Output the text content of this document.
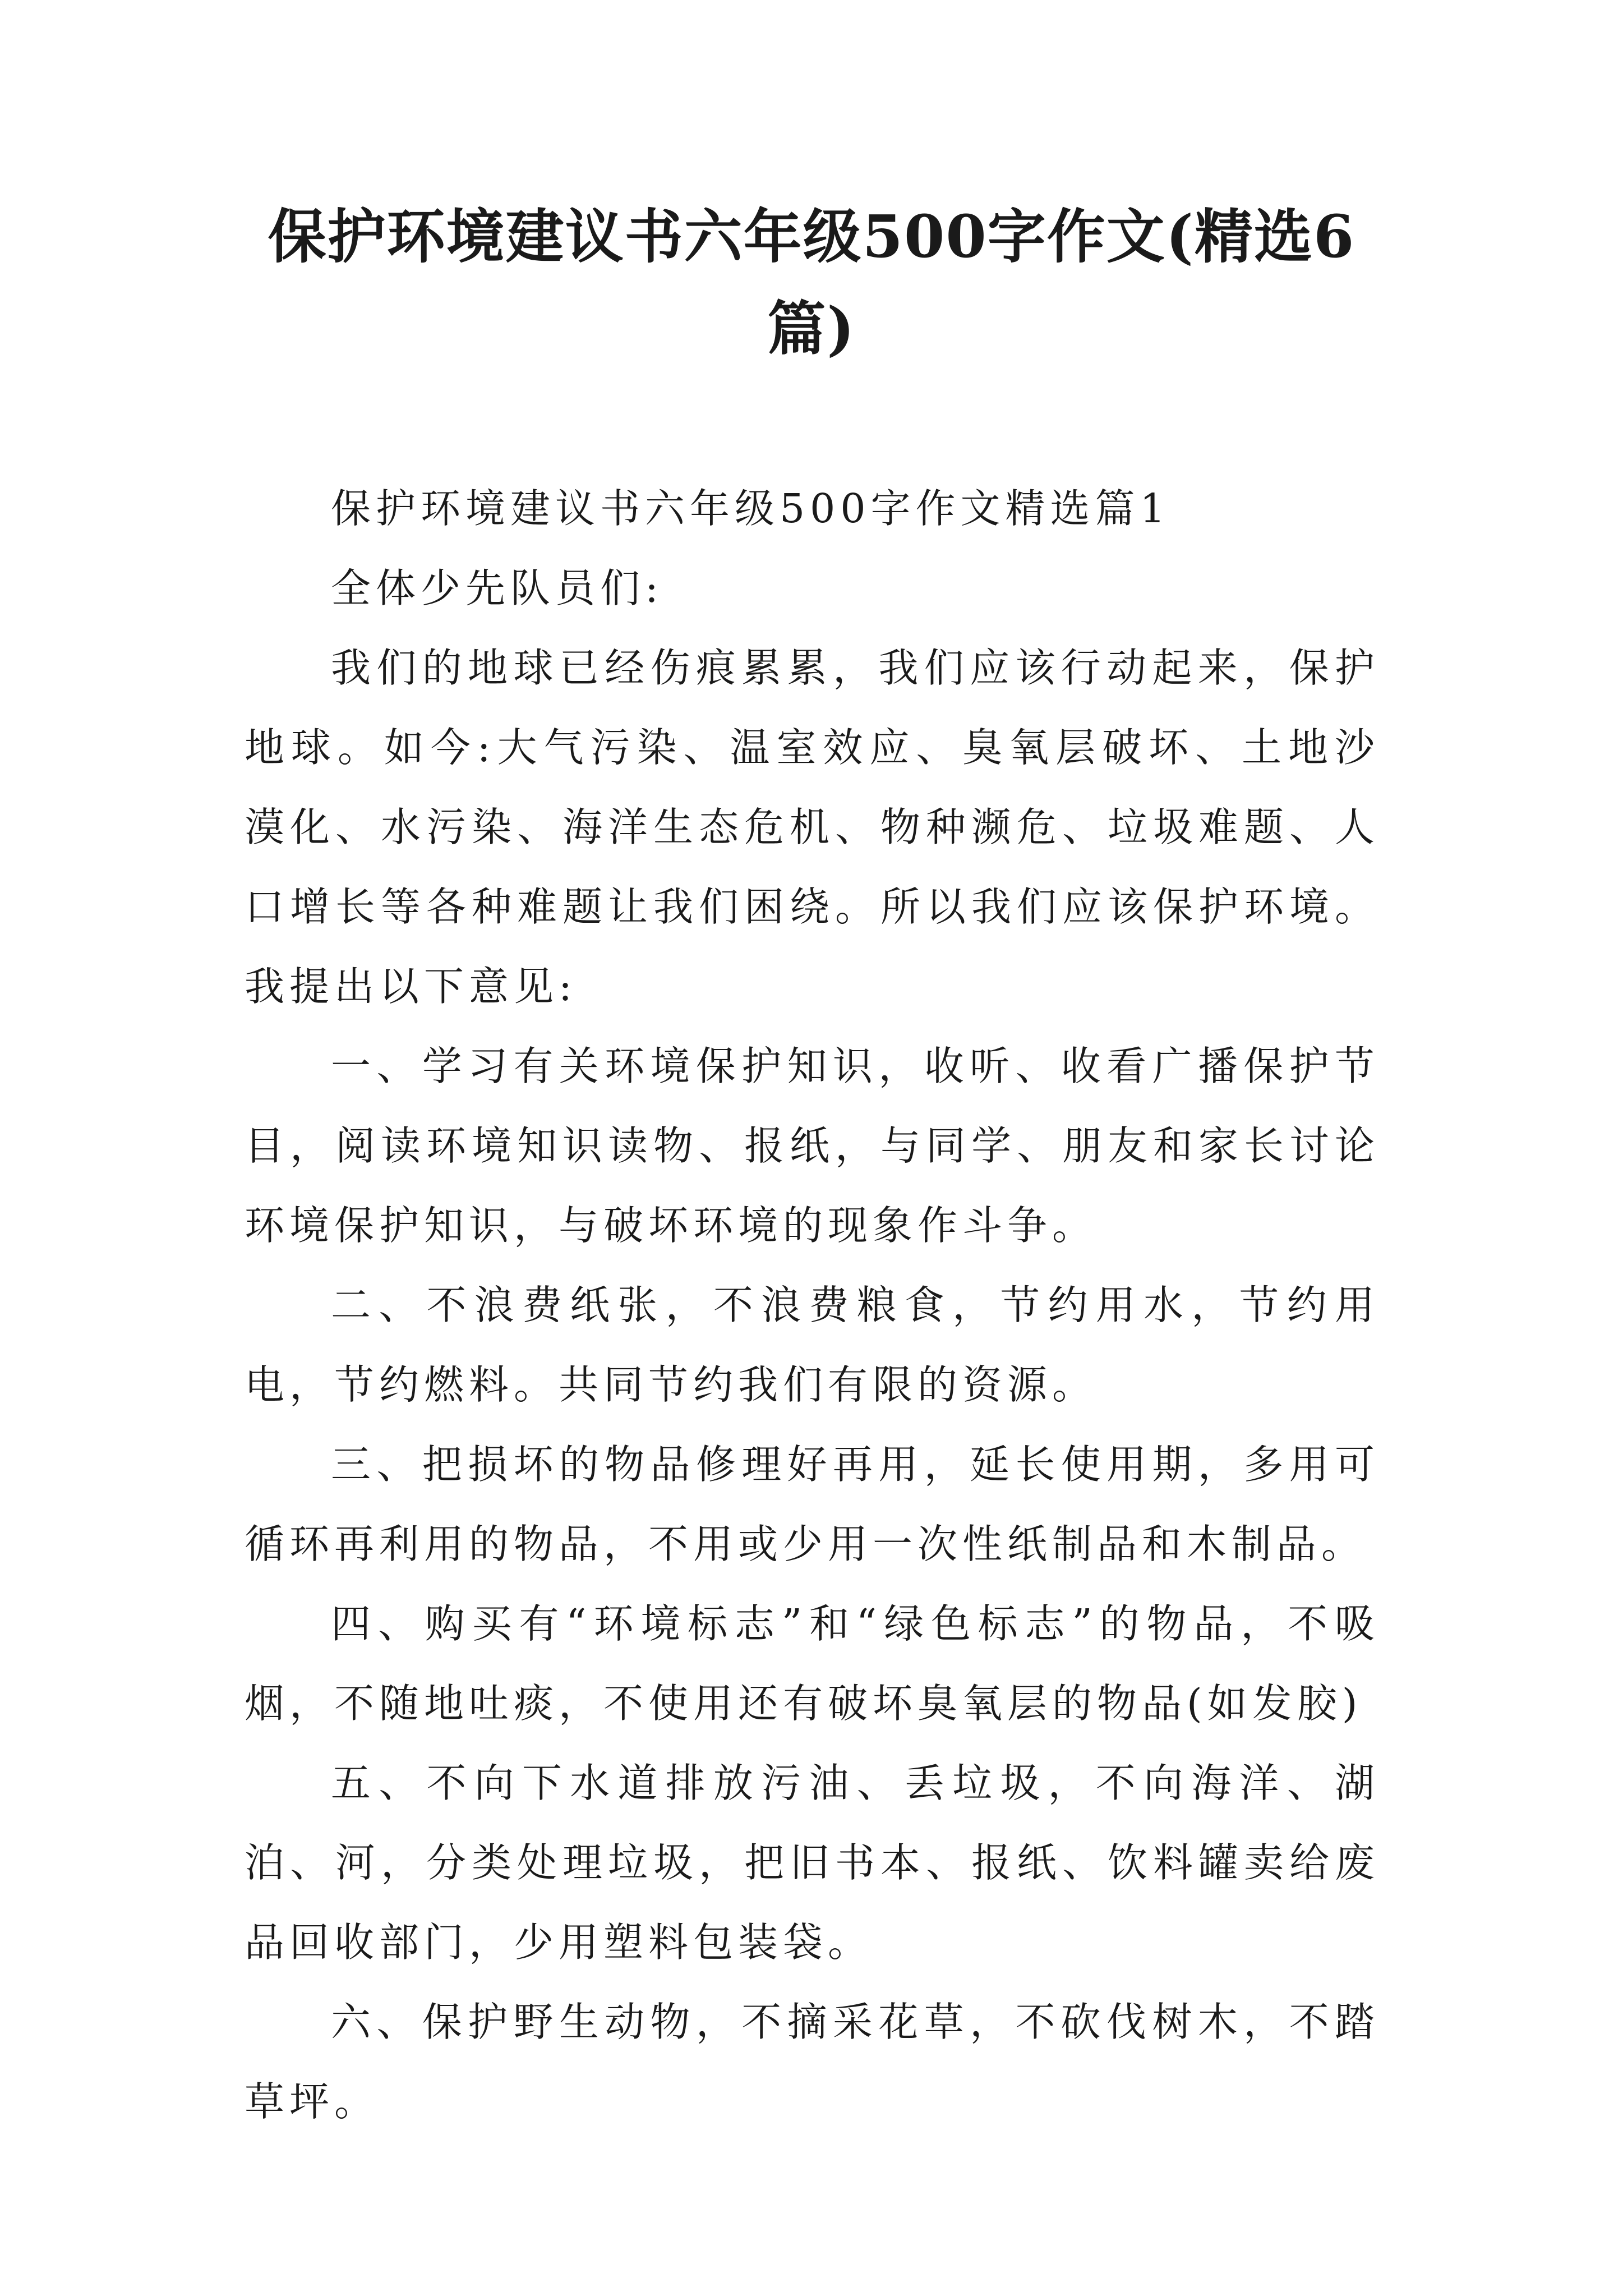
保护环境建议书六年级500字作文(精选6篇)

保护环境建议书六年级500字作文精选篇1

全体少先队员们:

我们的地球已经伤痕累累，我们应该行动起来，保护地球。如今:大气污染、温室效应、臭氧层破坏、土地沙漠化、水污染、海洋生态危机、物种濒危、垃圾难题、人口增长等各种难题让我们困绕。所以我们应该保护环境。我提出以下意见:

一、学习有关环境保护知识，收听、收看广播保护节目，阅读环境知识读物、报纸，与同学、朋友和家长讨论环境保护知识，与破坏环境的现象作斗争。

二、不浪费纸张，不浪费粮食，节约用水，节约用电，节约燃料。共同节约我们有限的资源。

三、把损坏的物品修理好再用，延长使用期，多用可循环再利用的物品，不用或少用一次性纸制品和木制品。

四、购买有“环境标志”和“绿色标志”的物品，不吸烟，不随地吐痰，不使用还有破坏臭氧层的物品(如发胶)

五、不向下水道排放污油、丢垃圾，不向海洋、湖泊、河，分类处理垃圾，把旧书本、报纸、饮料罐卖给废品回收部门，少用塑料包装袋。

六、保护野生动物，不摘采花草，不砍伐树木，不踏草坪。
